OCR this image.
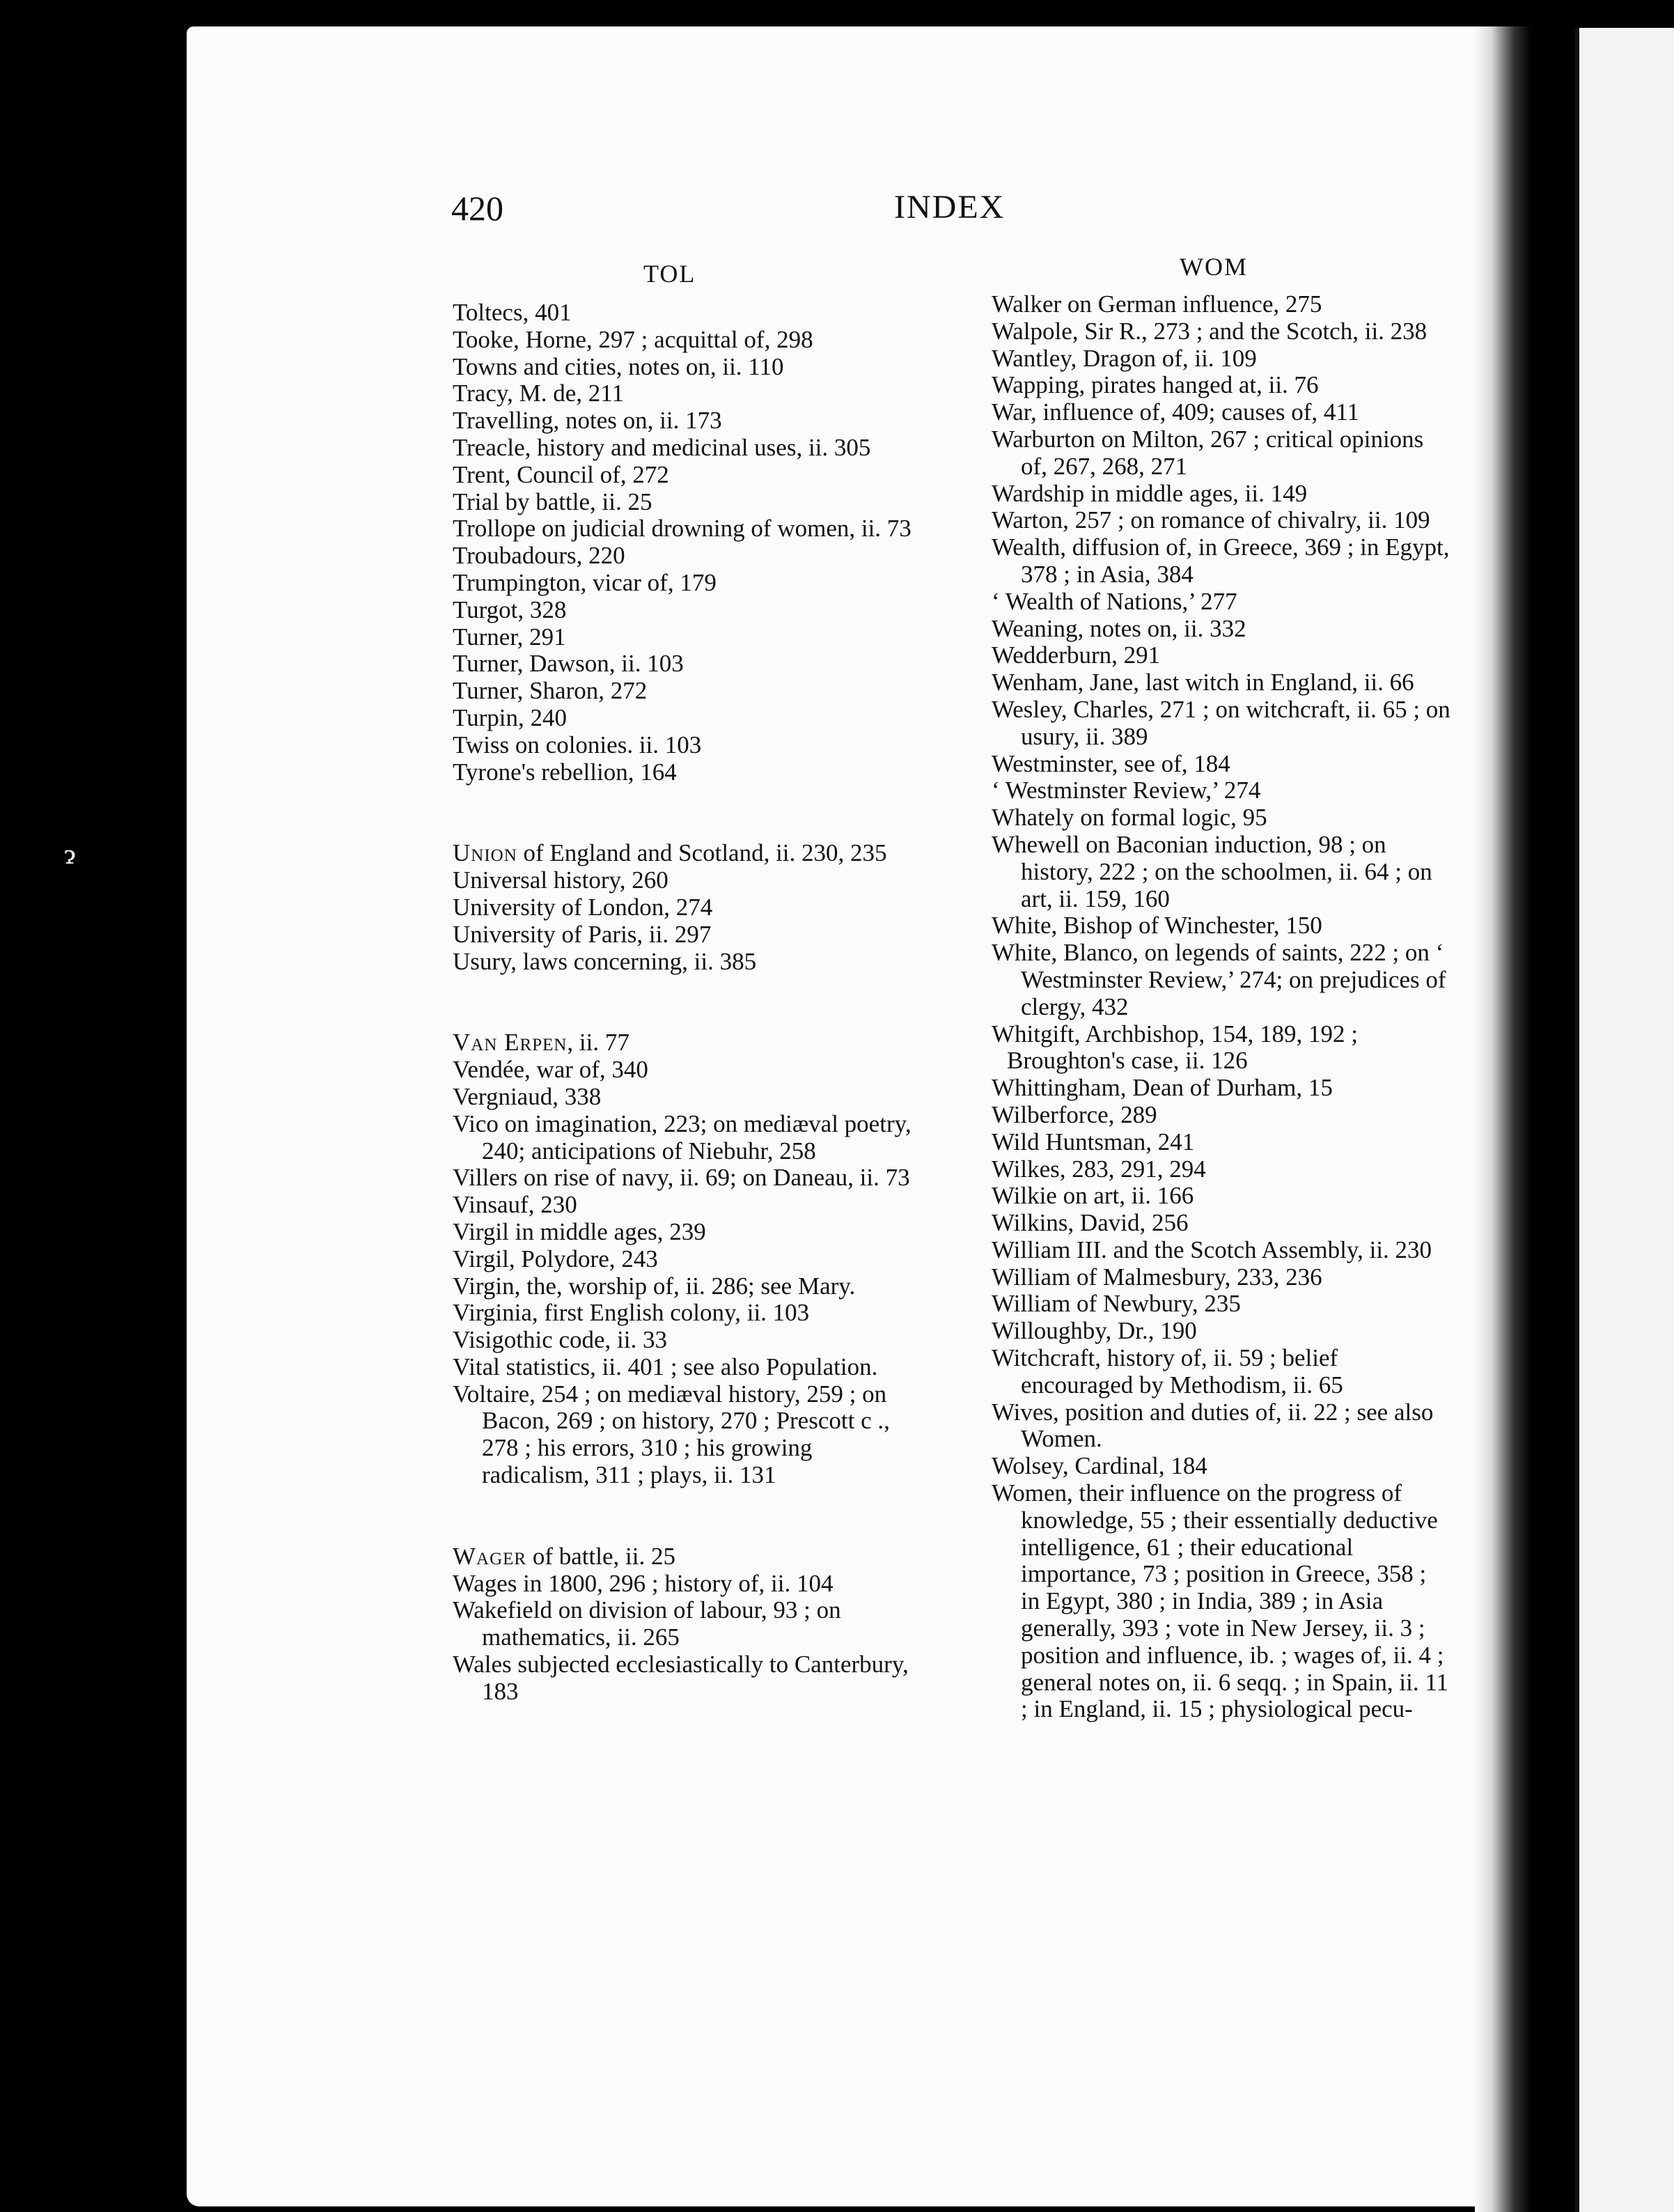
ɂ
420	INDEX
TOL	WOM

Toltecs, 401

Tooke, Horne, 297 ; acquittal of, 298

Towns and cities, notes on, ii. 110

Tracy, M. de, 211

Travelling, notes on, ii. 173

Treacle, history and medicinal uses, ii. 305

Trent, Council of, 272

Trial by battle, ii. 25

Trollope on judicial drowning of women, ii. 73

Troubadours, 220

Trumpington, vicar of, 179

Turgot, 328

Turner, 291

Turner, Dawson, ii. 103

Turner, Sharon, 272

Turpin, 240

Twiss on colonies. ii. 103

Tyrone's rebellion, 164

Union of England and Scotland, ii. 230, 235

Universal history, 260

University of London, 274

University of Paris, ii. 297

Usury, laws concerning, ii. 385

Van Erpen, ii. 77

Vendée, war of, 340

Vergniaud, 338

Vico on imagination, 223; on mediæval poetry, 240; anticipations of Niebuhr, 258

Villers on rise of navy, ii. 69; on Daneau, ii. 73

Vinsauf, 230

Virgil in middle ages, 239

Virgil, Polydore, 243

Virgin, the, worship of, ii. 286; see Mary.

Virginia, first English colony, ii. 103

Visigothic code, ii. 33

Vital statistics, ii. 401 ; see also Population.

Voltaire, 254 ; on mediæval history, 259 ; on Bacon, 269 ; on history, 270 ; Prescott c ., 278 ; his errors, 310 ; his growing radicalism, 311 ; plays, ii. 131

Wager of battle, ii. 25

Wages in 1800, 296 ; history of, ii. 104

Wakefield on division of labour, 93 ; on mathematics, ii. 265

Wales subjected ecclesiastically to Canterbury, 183

Walker on German influence, 275

Walpole, Sir R., 273 ; and the Scotch, ii. 238

Wantley, Dragon of, ii. 109

Wapping, pirates hanged at, ii. 76

War, influence of, 409; causes of, 411

Warburton on Milton, 267 ; critical opinions of, 267, 268, 271

Wardship in middle ages, ii. 149

Warton, 257 ; on romance of chivalry, ii. 109

Wealth, diffusion of, in Greece, 369 ; in Egypt, 378 ; in Asia, 384

‘ Wealth of Nations,’ 277

Weaning, notes on, ii. 332

Wedderburn, 291

Wenham, Jane, last witch in England, ii. 66

Wesley, Charles, 271 ; on witchcraft, ii. 65 ; on usury, ii. 389

Westminster, see of, 184

‘ Westminster Review,’ 274

Whately on formal logic, 95

Whewell on Baconian induction, 98 ; on history, 222 ; on the schoolmen, ii. 64 ; on art, ii. 159, 160

White, Bishop of Winchester, 150

White, Blanco, on legends of saints, 222 ; on ‘ Westminster Review,’ 274; on prejudices of clergy, 432

Whitgift, Archbishop, 154, 189, 192 ;

Broughton's case, ii. 126

Whittingham, Dean of Durham, 15

Wilberforce, 289

Wild Huntsman, 241

Wilkes, 283, 291, 294

Wilkie on art, ii. 166

Wilkins, David, 256

William III. and the Scotch Assembly, ii. 230

William of Malmesbury, 233, 236

William of Newbury, 235

Willoughby, Dr., 190

Witchcraft, history of, ii. 59 ; belief encouraged by Methodism, ii. 65

Wives, position and duties of, ii. 22 ; see also Women.

Wolsey, Cardinal, 184

Women, their influence on the progress of knowledge, 55 ; their essentially deductive intelligence, 61 ; their educational importance, 73 ; position in Greece, 358 ; in Egypt, 380 ; in India, 389 ; in Asia generally, 393 ; vote in New Jersey, ii. 3 ; position and influence, ib. ; wages of, ii. 4 ; general notes on, ii. 6 seqq. ; in Spain, ii. 11 ; in England, ii. 15 ; physiological pecu-
